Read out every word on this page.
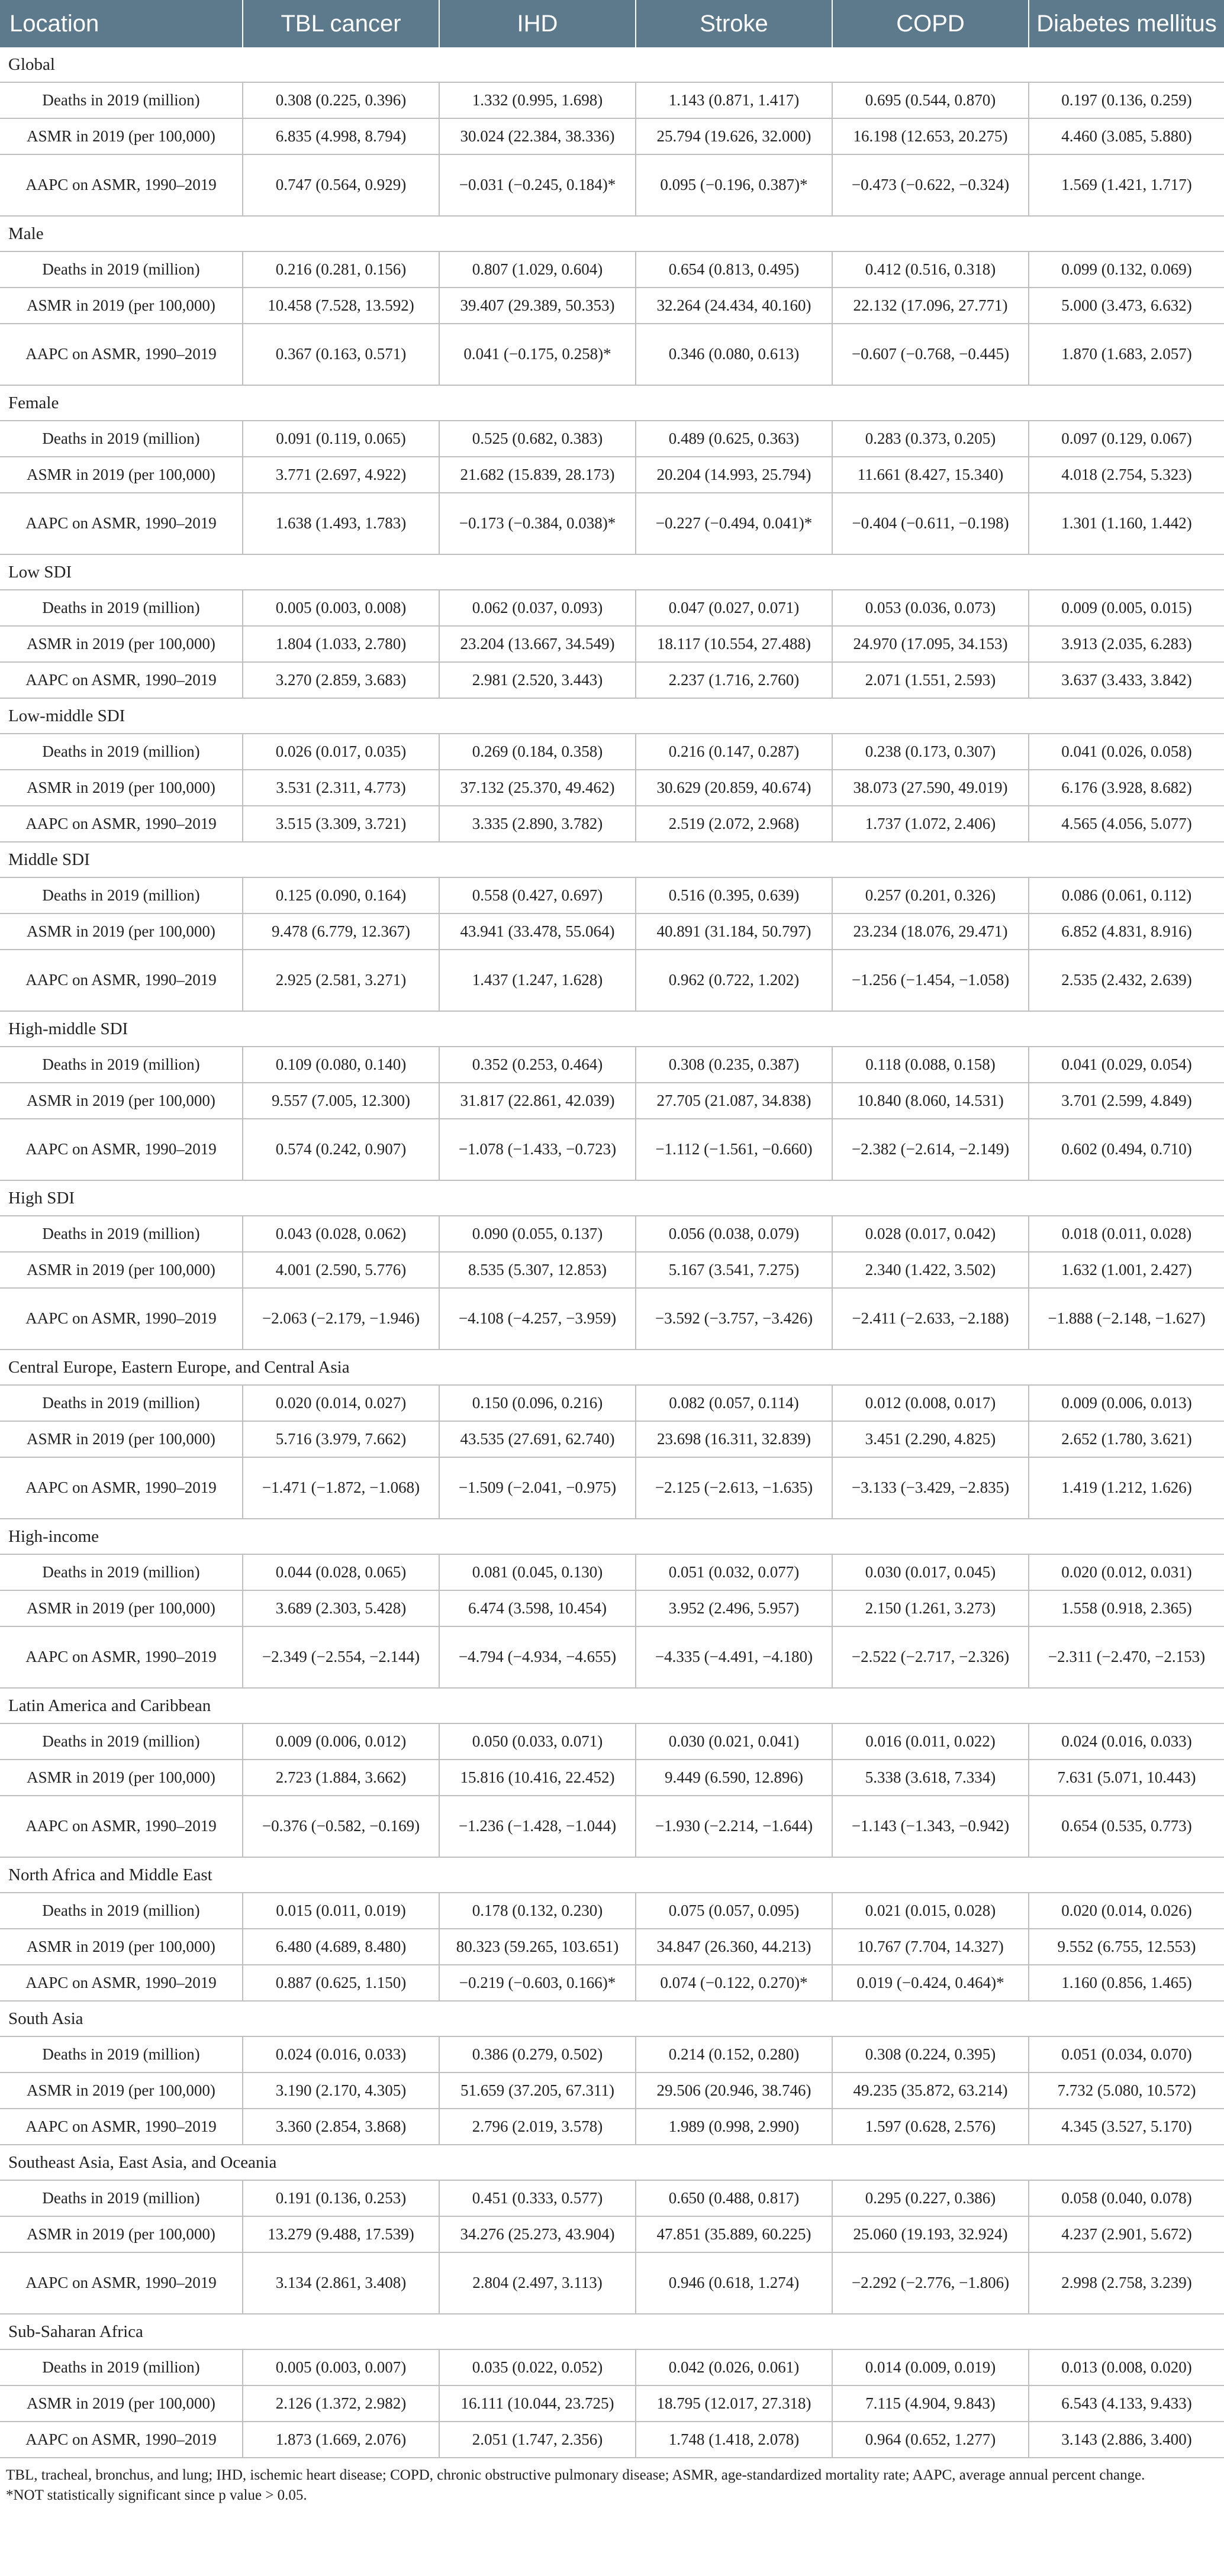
Location	TBL cancer	IHD	Stroke	COPD	Diabetes mellitus
Global					
Deaths in 2019 (million)	0.308 (0.225, 0.396)	1.332 (0.995, 1.698)	1.143 (0.871, 1.417)	0.695 (0.544, 0.870)	0.197 (0.136, 0.259)
ASMR in 2019 (per 100,000)	6.835 (4.998, 8.794)	30.024 (22.384, 38.336)	25.794 (19.626, 32.000)	16.198 (12.653, 20.275)	4.460 (3.085, 5.880)
AAPC on ASMR, 1990–2019	0.747 (0.564, 0.929)	−0.031 (−0.245, 0.184)*	0.095 (−0.196, 0.387)*	−0.473 (−0.622, −0.324)	1.569 (1.421, 1.717)
Male					
Deaths in 2019 (million)	0.216 (0.281, 0.156)	0.807 (1.029, 0.604)	0.654 (0.813, 0.495)	0.412 (0.516, 0.318)	0.099 (0.132, 0.069)
ASMR in 2019 (per 100,000)	10.458 (7.528, 13.592)	39.407 (29.389, 50.353)	32.264 (24.434, 40.160)	22.132 (17.096, 27.771)	5.000 (3.473, 6.632)
AAPC on ASMR, 1990–2019	0.367 (0.163, 0.571)	0.041 (−0.175, 0.258)*	0.346 (0.080, 0.613)	−0.607 (−0.768, −0.445)	1.870 (1.683, 2.057)
Female					
Deaths in 2019 (million)	0.091 (0.119, 0.065)	0.525 (0.682, 0.383)	0.489 (0.625, 0.363)	0.283 (0.373, 0.205)	0.097 (0.129, 0.067)
ASMR in 2019 (per 100,000)	3.771 (2.697, 4.922)	21.682 (15.839, 28.173)	20.204 (14.993, 25.794)	11.661 (8.427, 15.340)	4.018 (2.754, 5.323)
AAPC on ASMR, 1990–2019	1.638 (1.493, 1.783)	−0.173 (−0.384, 0.038)*	−0.227 (−0.494, 0.041)*	−0.404 (−0.611, −0.198)	1.301 (1.160, 1.442)
Low SDI					
Deaths in 2019 (million)	0.005 (0.003, 0.008)	0.062 (0.037, 0.093)	0.047 (0.027, 0.071)	0.053 (0.036, 0.073)	0.009 (0.005, 0.015)
ASMR in 2019 (per 100,000)	1.804 (1.033, 2.780)	23.204 (13.667, 34.549)	18.117 (10.554, 27.488)	24.970 (17.095, 34.153)	3.913 (2.035, 6.283)
AAPC on ASMR, 1990–2019	3.270 (2.859, 3.683)	2.981 (2.520, 3.443)	2.237 (1.716, 2.760)	2.071 (1.551, 2.593)	3.637 (3.433, 3.842)
Low-middle SDI					
Deaths in 2019 (million)	0.026 (0.017, 0.035)	0.269 (0.184, 0.358)	0.216 (0.147, 0.287)	0.238 (0.173, 0.307)	0.041 (0.026, 0.058)
ASMR in 2019 (per 100,000)	3.531 (2.311, 4.773)	37.132 (25.370, 49.462)	30.629 (20.859, 40.674)	38.073 (27.590, 49.019)	6.176 (3.928, 8.682)
AAPC on ASMR, 1990–2019	3.515 (3.309, 3.721)	3.335 (2.890, 3.782)	2.519 (2.072, 2.968)	1.737 (1.072, 2.406)	4.565 (4.056, 5.077)
Middle SDI					
Deaths in 2019 (million)	0.125 (0.090, 0.164)	0.558 (0.427, 0.697)	0.516 (0.395, 0.639)	0.257 (0.201, 0.326)	0.086 (0.061, 0.112)
ASMR in 2019 (per 100,000)	9.478 (6.779, 12.367)	43.941 (33.478, 55.064)	40.891 (31.184, 50.797)	23.234 (18.076, 29.471)	6.852 (4.831, 8.916)
AAPC on ASMR, 1990–2019	2.925 (2.581, 3.271)	1.437 (1.247, 1.628)	0.962 (0.722, 1.202)	−1.256 (−1.454, −1.058)	2.535 (2.432, 2.639)
High-middle SDI					
Deaths in 2019 (million)	0.109 (0.080, 0.140)	0.352 (0.253, 0.464)	0.308 (0.235, 0.387)	0.118 (0.088, 0.158)	0.041 (0.029, 0.054)
ASMR in 2019 (per 100,000)	9.557 (7.005, 12.300)	31.817 (22.861, 42.039)	27.705 (21.087, 34.838)	10.840 (8.060, 14.531)	3.701 (2.599, 4.849)
AAPC on ASMR, 1990–2019	0.574 (0.242, 0.907)	−1.078 (−1.433, −0.723)	−1.112 (−1.561, −0.660)	−2.382 (−2.614, −2.149)	0.602 (0.494, 0.710)
High SDI					
Deaths in 2019 (million)	0.043 (0.028, 0.062)	0.090 (0.055, 0.137)	0.056 (0.038, 0.079)	0.028 (0.017, 0.042)	0.018 (0.011, 0.028)
ASMR in 2019 (per 100,000)	4.001 (2.590, 5.776)	8.535 (5.307, 12.853)	5.167 (3.541, 7.275)	2.340 (1.422, 3.502)	1.632 (1.001, 2.427)
AAPC on ASMR, 1990–2019	−2.063 (−2.179, −1.946)	−4.108 (−4.257, −3.959)	−3.592 (−3.757, −3.426)	−2.411 (−2.633, −2.188)	−1.888 (−2.148, −1.627)
Central Europe, Eastern Europe, and Central Asia					
Deaths in 2019 (million)	0.020 (0.014, 0.027)	0.150 (0.096, 0.216)	0.082 (0.057, 0.114)	0.012 (0.008, 0.017)	0.009 (0.006, 0.013)
ASMR in 2019 (per 100,000)	5.716 (3.979, 7.662)	43.535 (27.691, 62.740)	23.698 (16.311, 32.839)	3.451 (2.290, 4.825)	2.652 (1.780, 3.621)
AAPC on ASMR, 1990–2019	−1.471 (−1.872, −1.068)	−1.509 (−2.041, −0.975)	−2.125 (−2.613, −1.635)	−3.133 (−3.429, −2.835)	1.419 (1.212, 1.626)
High-income					
Deaths in 2019 (million)	0.044 (0.028, 0.065)	0.081 (0.045, 0.130)	0.051 (0.032, 0.077)	0.030 (0.017, 0.045)	0.020 (0.012, 0.031)
ASMR in 2019 (per 100,000)	3.689 (2.303, 5.428)	6.474 (3.598, 10.454)	3.952 (2.496, 5.957)	2.150 (1.261, 3.273)	1.558 (0.918, 2.365)
AAPC on ASMR, 1990–2019	−2.349 (−2.554, −2.144)	−4.794 (−4.934, −4.655)	−4.335 (−4.491, −4.180)	−2.522 (−2.717, −2.326)	−2.311 (−2.470, −2.153)
Latin America and Caribbean					
Deaths in 2019 (million)	0.009 (0.006, 0.012)	0.050 (0.033, 0.071)	0.030 (0.021, 0.041)	0.016 (0.011, 0.022)	0.024 (0.016, 0.033)
ASMR in 2019 (per 100,000)	2.723 (1.884, 3.662)	15.816 (10.416, 22.452)	9.449 (6.590, 12.896)	5.338 (3.618, 7.334)	7.631 (5.071, 10.443)
AAPC on ASMR, 1990–2019	−0.376 (−0.582, −0.169)	−1.236 (−1.428, −1.044)	−1.930 (−2.214, −1.644)	−1.143 (−1.343, −0.942)	0.654 (0.535, 0.773)
North Africa and Middle East					
Deaths in 2019 (million)	0.015 (0.011, 0.019)	0.178 (0.132, 0.230)	0.075 (0.057, 0.095)	0.021 (0.015, 0.028)	0.020 (0.014, 0.026)
ASMR in 2019 (per 100,000)	6.480 (4.689, 8.480)	80.323 (59.265, 103.651)	34.847 (26.360, 44.213)	10.767 (7.704, 14.327)	9.552 (6.755, 12.553)
AAPC on ASMR, 1990–2019	0.887 (0.625, 1.150)	−0.219 (−0.603, 0.166)*	0.074 (−0.122, 0.270)*	0.019 (−0.424, 0.464)*	1.160 (0.856, 1.465)
South Asia					
Deaths in 2019 (million)	0.024 (0.016, 0.033)	0.386 (0.279, 0.502)	0.214 (0.152, 0.280)	0.308 (0.224, 0.395)	0.051 (0.034, 0.070)
ASMR in 2019 (per 100,000)	3.190 (2.170, 4.305)	51.659 (37.205, 67.311)	29.506 (20.946, 38.746)	49.235 (35.872, 63.214)	7.732 (5.080, 10.572)
AAPC on ASMR, 1990–2019	3.360 (2.854, 3.868)	2.796 (2.019, 3.578)	1.989 (0.998, 2.990)	1.597 (0.628, 2.576)	4.345 (3.527, 5.170)
Southeast Asia, East Asia, and Oceania					
Deaths in 2019 (million)	0.191 (0.136, 0.253)	0.451 (0.333, 0.577)	0.650 (0.488, 0.817)	0.295 (0.227, 0.386)	0.058 (0.040, 0.078)
ASMR in 2019 (per 100,000)	13.279 (9.488, 17.539)	34.276 (25.273, 43.904)	47.851 (35.889, 60.225)	25.060 (19.193, 32.924)	4.237 (2.901, 5.672)
AAPC on ASMR, 1990–2019	3.134 (2.861, 3.408)	2.804 (2.497, 3.113)	0.946 (0.618, 1.274)	−2.292 (−2.776, −1.806)	2.998 (2.758, 3.239)
Sub-Saharan Africa					
Deaths in 2019 (million)	0.005 (0.003, 0.007)	0.035 (0.022, 0.052)	0.042 (0.026, 0.061)	0.014 (0.009, 0.019)	0.013 (0.008, 0.020)
ASMR in 2019 (per 100,000)	2.126 (1.372, 2.982)	16.111 (10.044, 23.725)	18.795 (12.017, 27.318)	7.115 (4.904, 9.843)	6.543 (4.133, 9.433)
AAPC on ASMR, 1990–2019	1.873 (1.669, 2.076)	2.051 (1.747, 2.356)	1.748 (1.418, 2.078)	0.964 (0.652, 1.277)	3.143 (2.886, 3.400)
TBL, tracheal, bronchus, and lung; IHD, ischemic heart disease; COPD, chronic obstructive pulmonary disease; ASMR, age-standardized mortality rate; AAPC, average annual percent change.
*NOT statistically significant since p value > 0.05.
